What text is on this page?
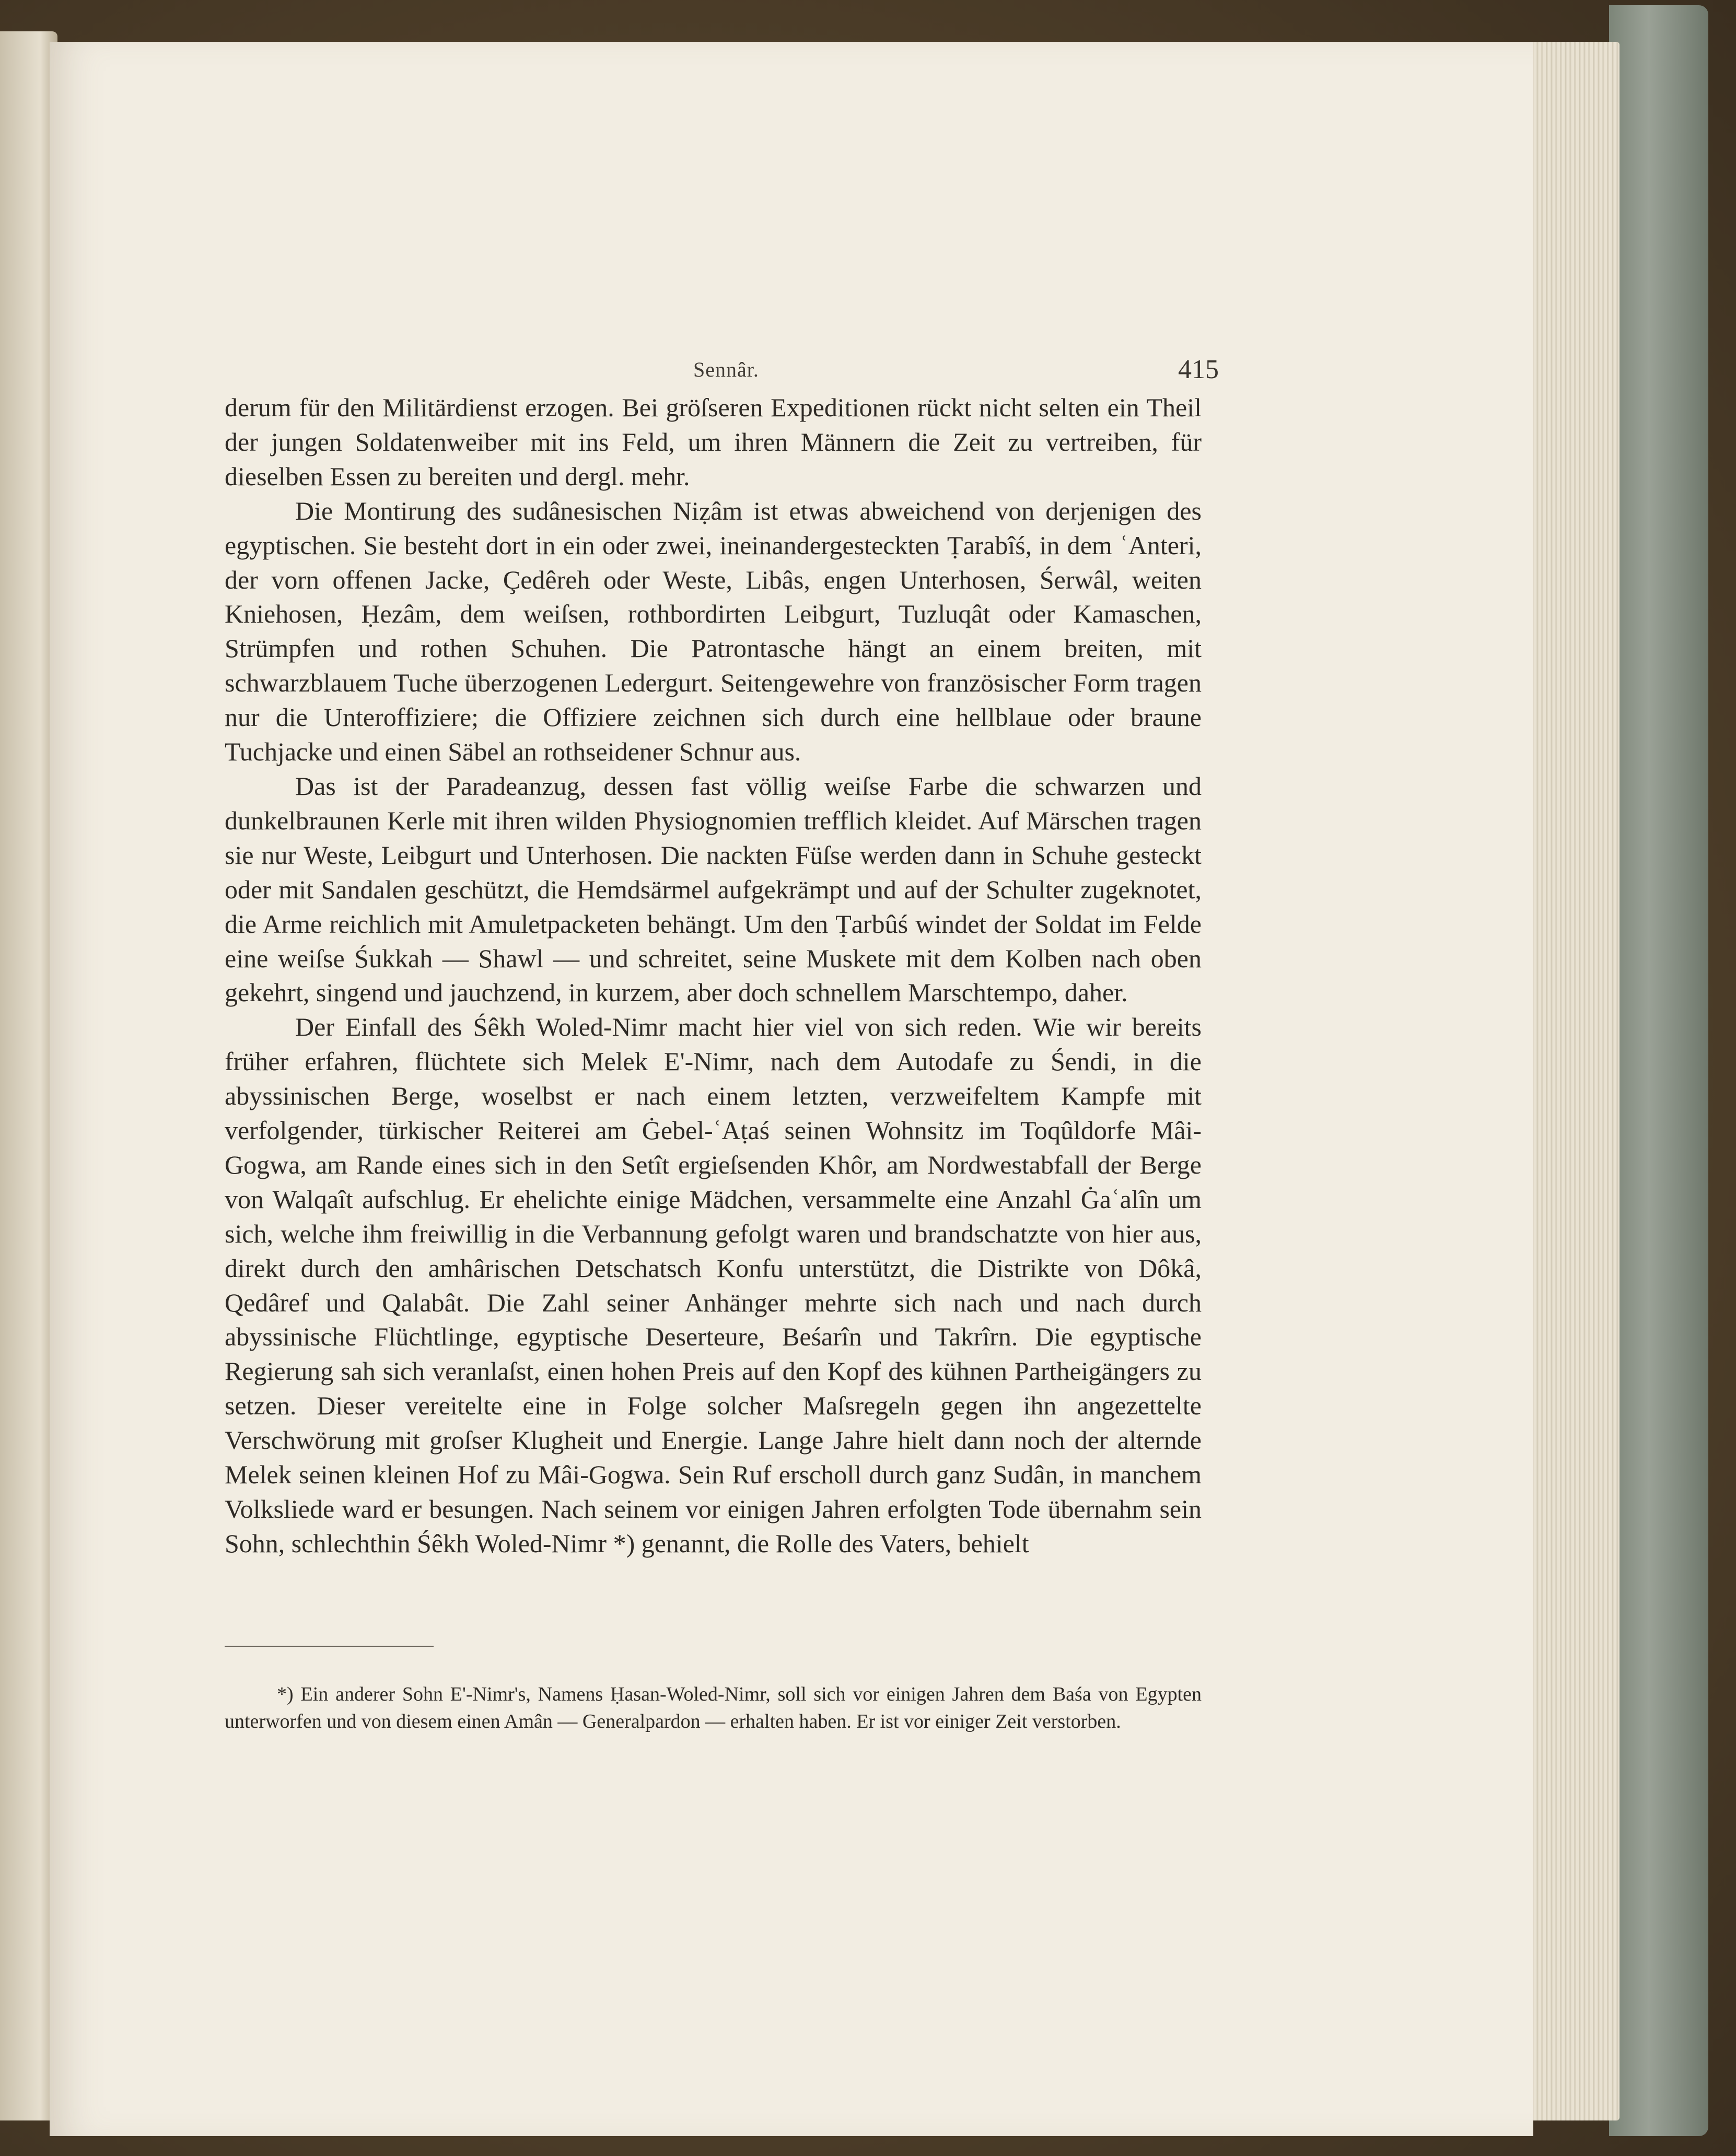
Sennâr.	415

derum für den Militärdienst erzogen. Bei gröſseren Expeditionen rückt nicht selten ein Theil der jungen Soldatenweiber mit ins Feld, um ihren Männern die Zeit zu vertreiben, für dieselben Essen zu bereiten und dergl. mehr.

Die Montirung des sudânesischen Niẓâm ist etwas abweichend von derjenigen des egyptischen. Sie besteht dort in ein oder zwei, ineinandergesteckten Ṭarabîś, in dem ʿAnteri, der vorn offenen Jacke, Çedêreh oder Weste, Libâs, engen Unterhosen, Śerwâl, weiten Kniehosen, Ḥezâm, dem weiſsen, rothbordirten Leibgurt, Tuzluqât oder Kamaschen, Strümpfen und rothen Schuhen. Die Patrontasche hängt an einem breiten, mit schwarzblauem Tuche überzogenen Ledergurt. Seitengewehre von französischer Form tragen nur die Unteroffiziere; die Offiziere zeichnen sich durch eine hellblaue oder braune Tuchjacke und einen Säbel an rothseidener Schnur aus.

Das ist der Paradeanzug, dessen fast völlig weiſse Farbe die schwarzen und dunkelbraunen Kerle mit ihren wilden Physiognomien trefflich kleidet. Auf Märschen tragen sie nur Weste, Leibgurt und Unterhosen. Die nackten Füſse werden dann in Schuhe gesteckt oder mit Sandalen geschützt, die Hemdsärmel aufgekrämpt und auf der Schulter zugeknotet, die Arme reichlich mit Amuletpacketen behängt. Um den Ṭarbûś windet der Soldat im Felde eine weiſse Śukkah — Shawl — und schreitet, seine Muskete mit dem Kolben nach oben gekehrt, singend und jauchzend, in kurzem, aber doch schnellem Marschtempo, daher.

Der Einfall des Śêkh Woled-Nimr macht hier viel von sich reden. Wie wir bereits früher erfahren, flüchtete sich Melek E'-Nimr, nach dem Autodafe zu Śendi, in die abyssinischen Berge, woselbst er nach einem letzten, verzweifeltem Kampfe mit verfolgender, türkischer Reiterei am Ġebel-ʿAṭaś seinen Wohnsitz im Toqûldorfe Mâi-Gogwa, am Rande eines sich in den Setît ergieſsenden Khôr, am Nordwestabfall der Berge von Walqaît aufschlug. Er ehelichte einige Mädchen, versammelte eine Anzahl Ġaʿalîn um sich, welche ihm freiwillig in die Verbannung gefolgt waren und brandschatzte von hier aus, direkt durch den amhârischen Detschatsch Konfu unterstützt, die Distrikte von Dôkâ, Qedâref und Qalabât. Die Zahl seiner Anhänger mehrte sich nach und nach durch abyssinische Flüchtlinge, egyptische Deserteure, Beśarîn und Takrîrn. Die egyptische Regierung sah sich veranlaſst, einen hohen Preis auf den Kopf des kühnen Partheigängers zu setzen. Dieser vereitelte eine in Folge solcher Maſsregeln gegen ihn angezettelte Verschwörung mit groſser Klugheit und Energie. Lange Jahre hielt dann noch der alternde Melek seinen kleinen Hof zu Mâi-Gogwa. Sein Ruf erscholl durch ganz Sudân, in manchem Volksliede ward er besungen. Nach seinem vor einigen Jahren erfolgten Tode übernahm sein Sohn, schlechthin Śêkh Woled-Nimr *) genannt, die Rolle des Vaters, behielt

*) Ein anderer Sohn E'-Nimr's, Namens Ḥasan-Woled-Nimr, soll sich vor einigen Jahren dem Baśa von Egypten unterworfen und von diesem einen Amân — Generalpardon — erhalten haben. Er ist vor einiger Zeit verstorben.
